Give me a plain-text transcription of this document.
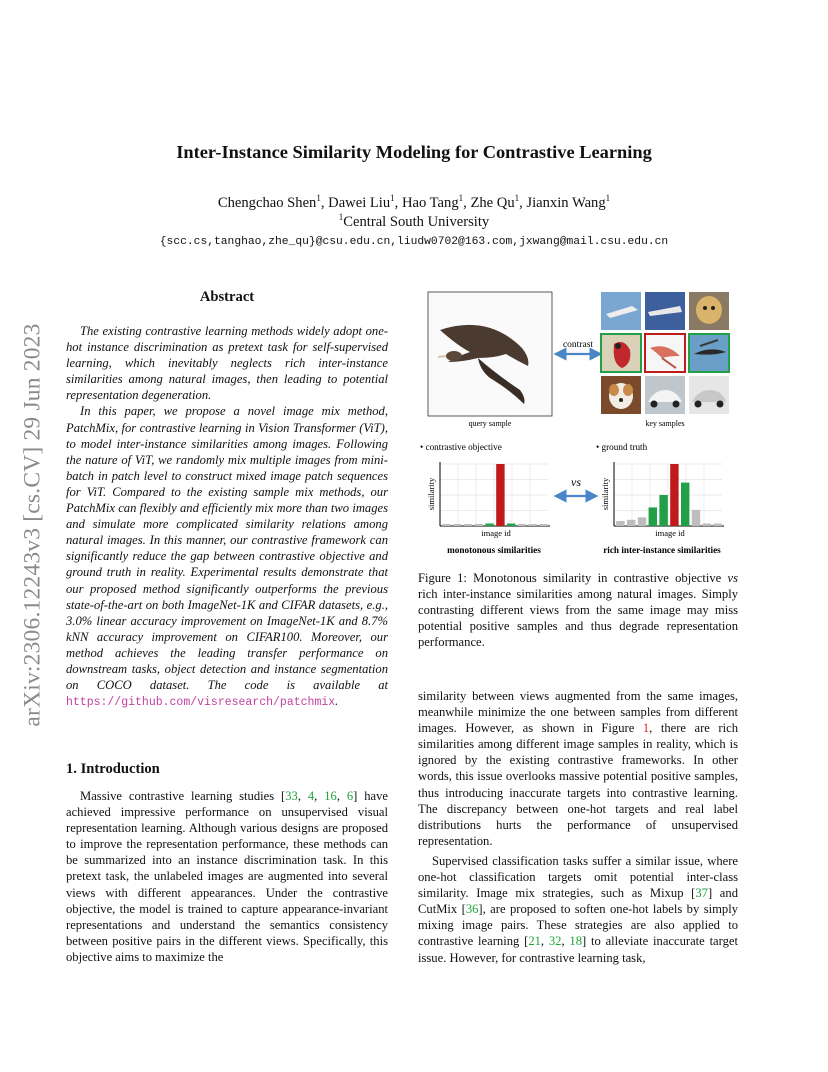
arXiv:2306.12243v3 [cs.CV] 29 Jun 2023
Inter-Instance Similarity Modeling for Contrastive Learning
Chengchao Shen$^1$, Dawei Liu$^1$, Hao Tang$^1$, Zhe Qu$^1$, Jianxin Wang$^1$
$^1$Central South University
{scc.cs,tanghao,zhe_qu}@csu.edu.cn,liudw0702@163.com,jxwang@mail.csu.edu.cn
Abstract

The existing contrastive learning methods widely adopt one-hot instance discrimination as pretext task for self-supervised learning, which inevitably neglects rich inter-instance similarities among natural images, then leading to potential representation degeneration.

In this paper, we propose a novel image mix method, PatchMix, for contrastive learning in Vision Transformer (ViT), to model inter-instance similarities among images. Following the nature of ViT, we randomly mix multiple images from mini-batch in patch level to construct mixed image patch sequences for ViT. Compared to the existing sample mix methods, our PatchMix can flexibly and efficiently mix more than two images and simulate more complicated similarity relations among natural images. In this manner, our contrastive framework can significantly reduce the gap between contrastive objective and ground truth in reality. Experimental results demonstrate that our proposed method significantly outperforms the previous state-of-the-art on both ImageNet-1K and CIFAR datasets, e.g., 3.0% linear accuracy improvement on ImageNet-1K and 8.7% kNN accuracy improvement on CIFAR100. Moreover, our method achieves the leading transfer performance on downstream tasks, object detection and instance segmentation on COCO dataset. The code is available at https://github.com/visresearch/patchmix.

1. Introduction

Massive contrastive learning studies [33, 4, 16, 6] have achieved impressive performance on unsupervised visual representation learning. Although various designs are proposed to improve the representation performance, these methods can be summarized into an instance discrimination task. In this pretext task, the unlabeled images are augmented into several views with different appearances. Under the contrastive objective, the model is trained to capture appearance-invariant representations and understand the semantics consistency between positive pairs in the different views. Specifically, this objective aims to maximize the

query sample
contrast
key samples
• contrastive objective	• ground truth
similarity
image id
vs similarity
image id
monotonous similarities	rich inter-instance similarities
Figure 1: Monotonous similarity in contrastive objective vs rich inter-instance similarities among natural images. Simply contrasting different views from the same image may miss potential positive samples and thus degrade representation performance.

similarity between views augmented from the same images, meanwhile minimize the one between samples from different images. However, as shown in Figure 1, there are rich similarities among different image samples in reality, which is ignored by the existing contrastive frameworks. In other words, this issue overlooks massive potential positive samples, thus introducing inaccurate targets into contrastive learning. The discrepancy between one-hot targets and real label distributions hurts the performance of unsupervised representation.

Supervised classification tasks suffer a similar issue, where one-hot classification targets omit potential inter-class similarity. Image mix strategies, such as Mixup [37] and CutMix [36], are proposed to soften one-hot labels by simply mixing image pairs. These strategies are also applied to contrastive learning [21, 32, 18] to alleviate inaccurate target issue. However, for contrastive learning task,
